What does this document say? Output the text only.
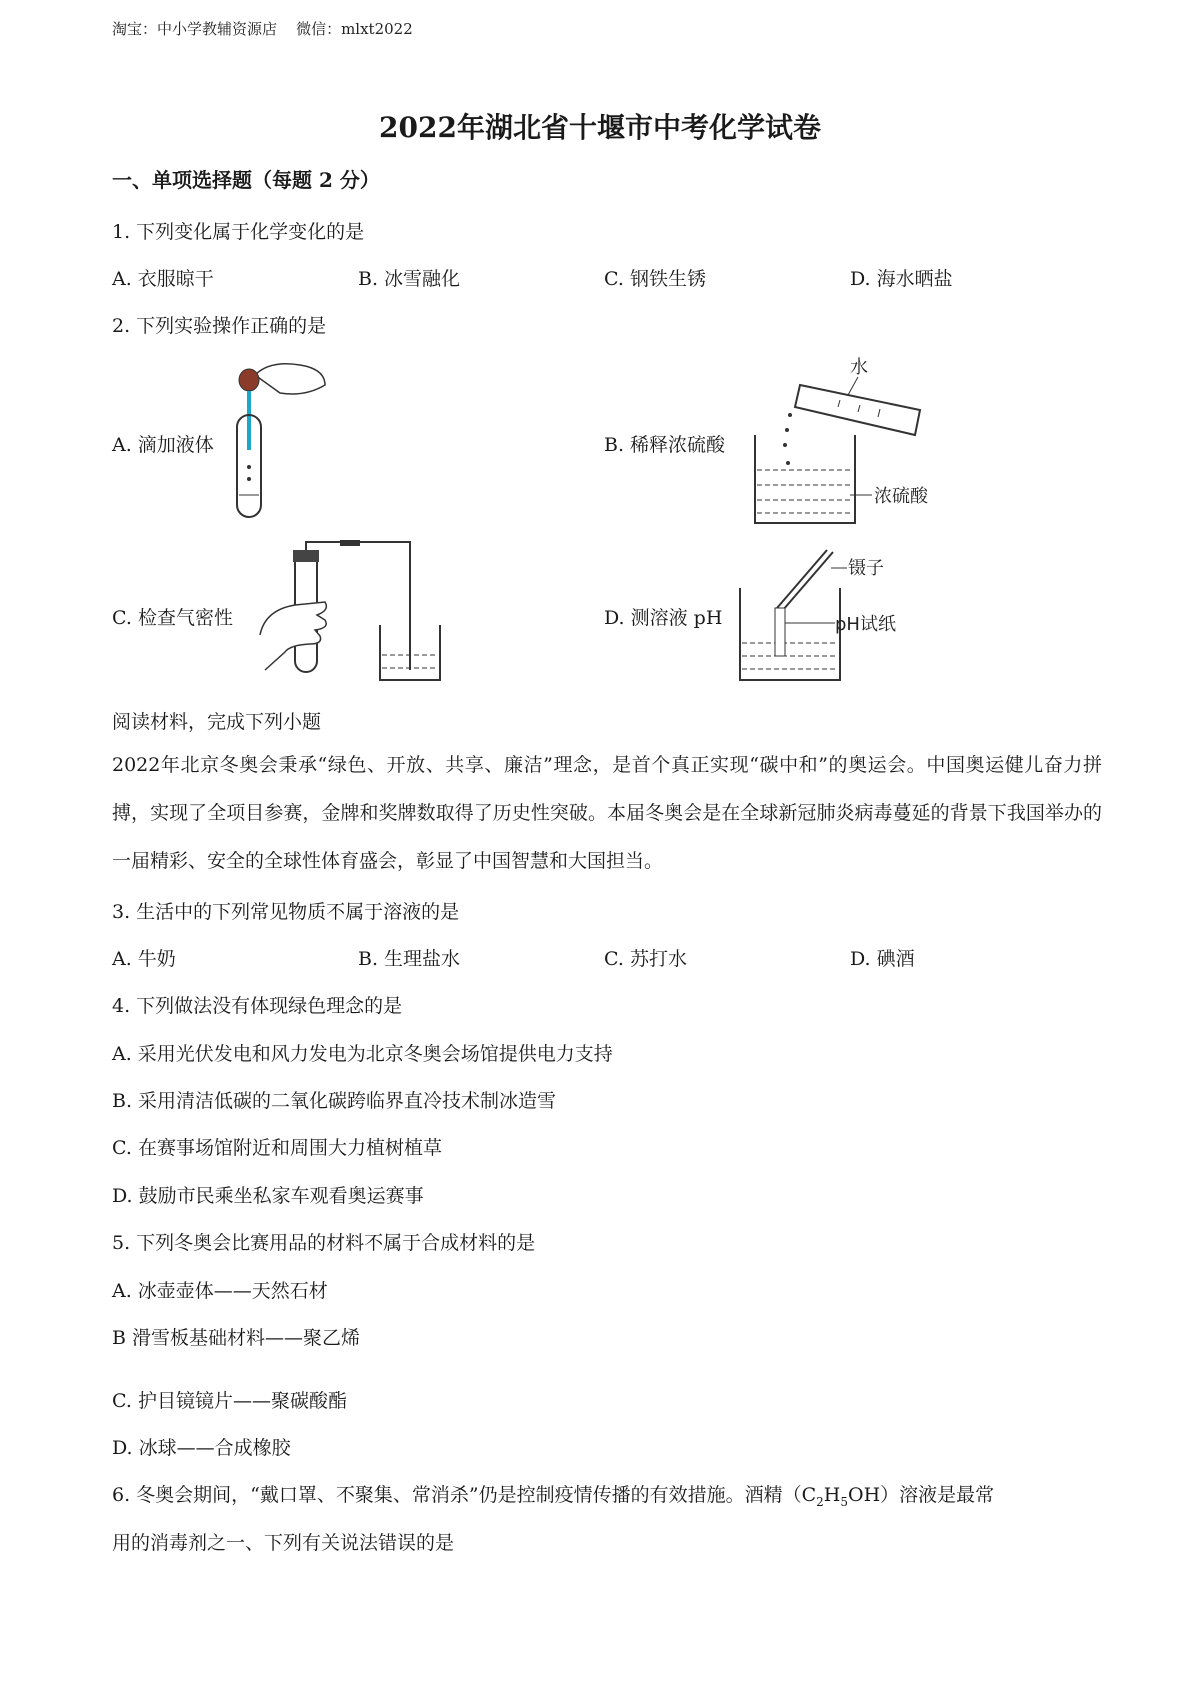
淘宝：中小学教辅资源店    微信：mlxt2022
2022年湖北省十堰市中考化学试卷
一、单项选择题（每题 2 分）
1. 下列变化属于化学变化的是
A. 衣服晾干	B. 冰雪融化	C. 钢铁生锈	D. 海水晒盐
2. 下列实验操作正确的是
A. 滴加液体	B. 稀释浓硫酸
C. 检查气密性	D. 测溶液 pH
水
浓硫酸
镊子
pH试纸
阅读材料，完成下列小题
2022年北京冬奥会秉承“绿色、开放、共享、廉洁”理念，是首个真正实现“碳中和”的奥运会。中国奥运健儿奋力拼搏，实现了全项目参赛，金牌和奖牌数取得了历史性突破。本届冬奥会是在全球新冠肺炎病毒蔓延的背景下我国举办的一届精彩、安全的全球性体育盛会，彰显了中国智慧和大国担当。
3. 生活中的下列常见物质不属于溶液的是
A. 牛奶	B. 生理盐水	C. 苏打水	D. 碘酒
4. 下列做法没有体现绿色理念的是
A. 采用光伏发电和风力发电为北京冬奥会场馆提供电力支持
B. 采用清洁低碳的二氧化碳跨临界直冷技术制冰造雪
C. 在赛事场馆附近和周围大力植树植草
D. 鼓励市民乘坐私家车观看奥运赛事
5. 下列冬奥会比赛用品的材料不属于合成材料的是
A. 冰壶壶体——天然石材
B 滑雪板基础材料——聚乙烯
C. 护目镜镜片——聚碳酸酯
D. 冰球——合成橡胶
6. 冬奥会期间，“戴口罩、不聚集、常消杀”仍是控制疫情传播的有效措施。酒精$(C_2H_5OH)$溶液是最常
用的消毒剂之一、下列有关说法错误的是
